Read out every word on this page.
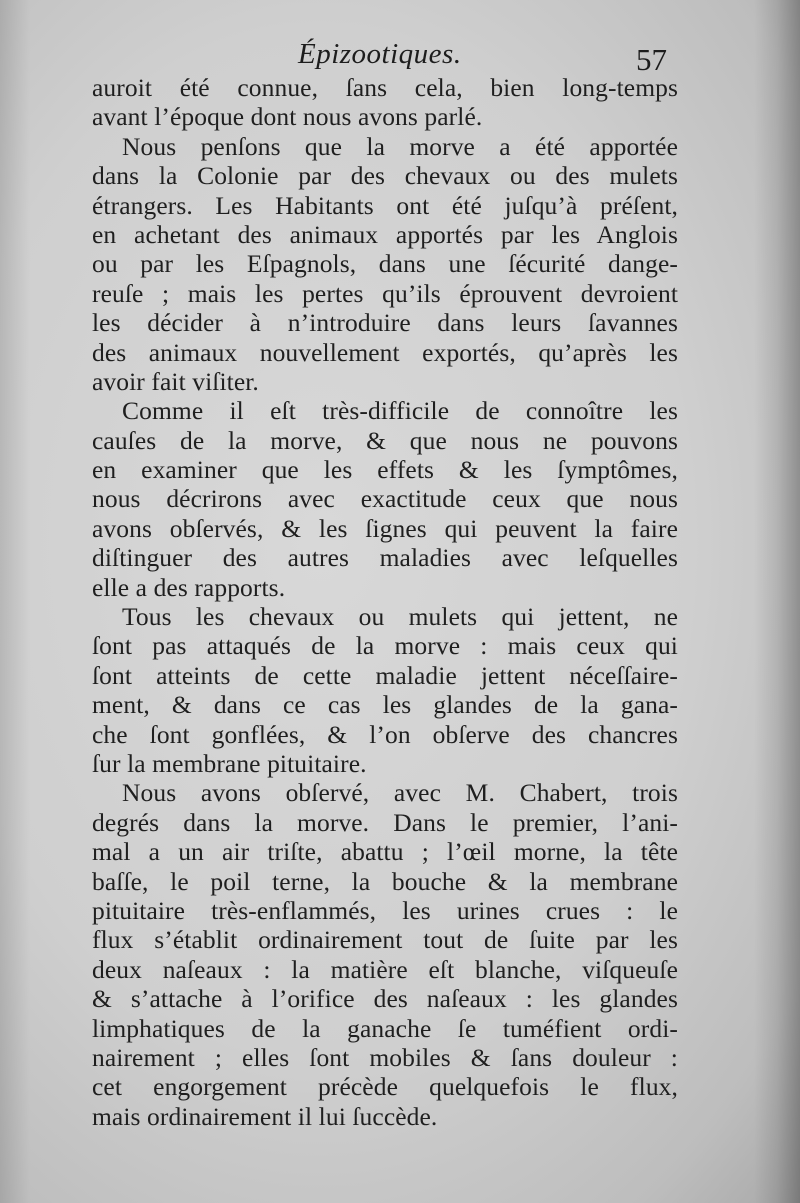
Épizootiques.	57
auroit été connue, ſans cela, bien long-temps
avant l’époque dont nous avons parlé.
Nous penſons que la morve a été apportée
dans la Colonie par des chevaux ou des mulets
étrangers. Les Habitants ont été juſqu’à préſent,
en achetant des animaux apportés par les Anglois
ou par les Eſpagnols, dans une ſécurité dange-
reuſe ; mais les pertes qu’ils éprouvent devroient
les décider à n’introduire dans leurs ſavannes
des animaux nouvellement exportés, qu’après les
avoir fait viſiter.
Comme il eſt très-difficile de connoître les
cauſes de la morve, & que nous ne pouvons
en examiner que les effets & les ſymptômes,
nous décrirons avec exactitude ceux que nous
avons obſervés, & les ſignes qui peuvent la faire
diſtinguer des autres maladies avec leſquelles
elle a des rapports.
Tous les chevaux ou mulets qui jettent, ne
ſont pas attaqués de la morve : mais ceux qui
ſont atteints de cette maladie jettent néceſſaire-
ment, & dans ce cas les glandes de la gana-
che ſont gonflées, & l’on obſerve des chancres
ſur la membrane pituitaire.
Nous avons obſervé, avec M. Chabert, trois
degrés dans la morve. Dans le premier, l’ani-
mal a un air triſte, abattu ; l’œil morne, la tête
baſſe, le poil terne, la bouche & la membrane
pituitaire très-enflammés, les urines crues : le
flux s’établit ordinairement tout de ſuite par les
deux naſeaux : la matière eſt blanche, viſqueuſe
& s’attache à l’orifice des naſeaux : les glandes
limphatiques de la ganache ſe tuméfient ordi-
nairement ; elles ſont mobiles & ſans douleur :
cet engorgement précède quelquefois le flux,
mais ordinairement il lui ſuccède.
